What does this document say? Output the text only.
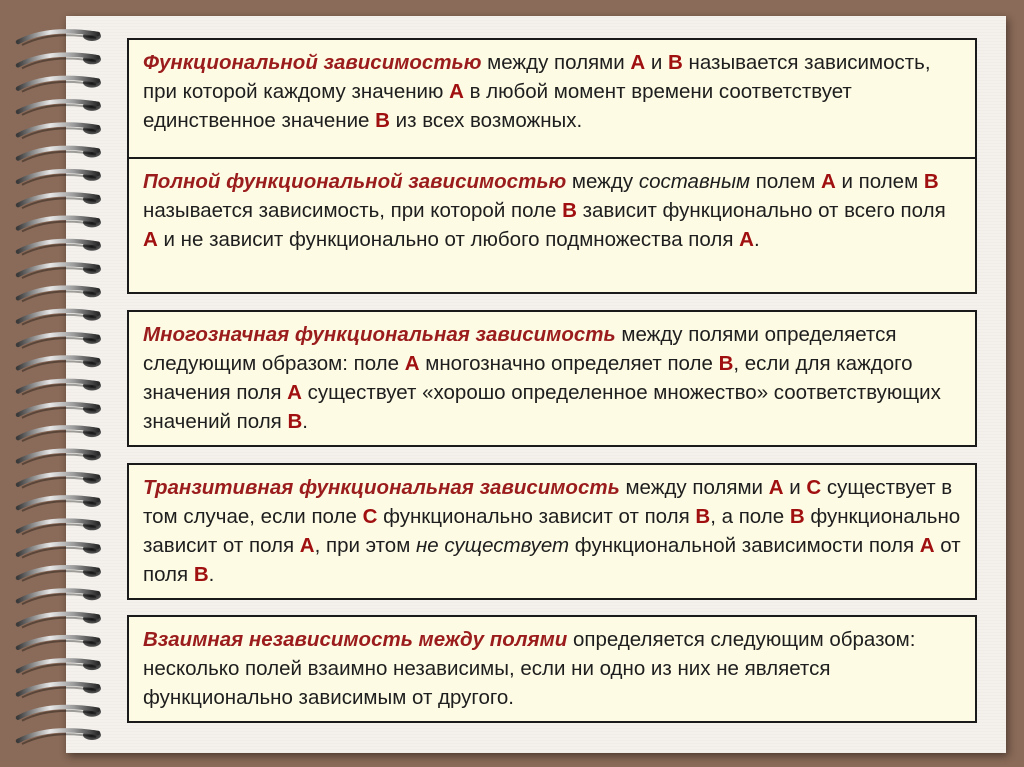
Функциональной зависимостью между полями А и В называется зависимость, при которой каждому значению А в любой момент времени соответствует единственное значение В из всех возможных.
Полной функциональной зависимостью между составным полем А и полем В называется зависимость, при которой поле В зависит функционально от всего поля А и не зависит функционально от любого подмножества поля А.
Многозначная функциональная зависимость между полями определяется следующим образом: поле А многозначно определяет поле В, если для каждого значения поля А существует «хорошо определенное множество» соответствующих значений поля В.
Транзитивная функциональная зависимость между полями А и С существует в том случае, если поле С функционально зависит от поля В, а поле В функционально зависит от поля А, при этом не существует функциональной зависимости поля А от поля В.
Взаимная независимость между полями определяется следующим образом: несколько полей взаимно независимы, если ни одно из них не является функционально зависимым от другого.
